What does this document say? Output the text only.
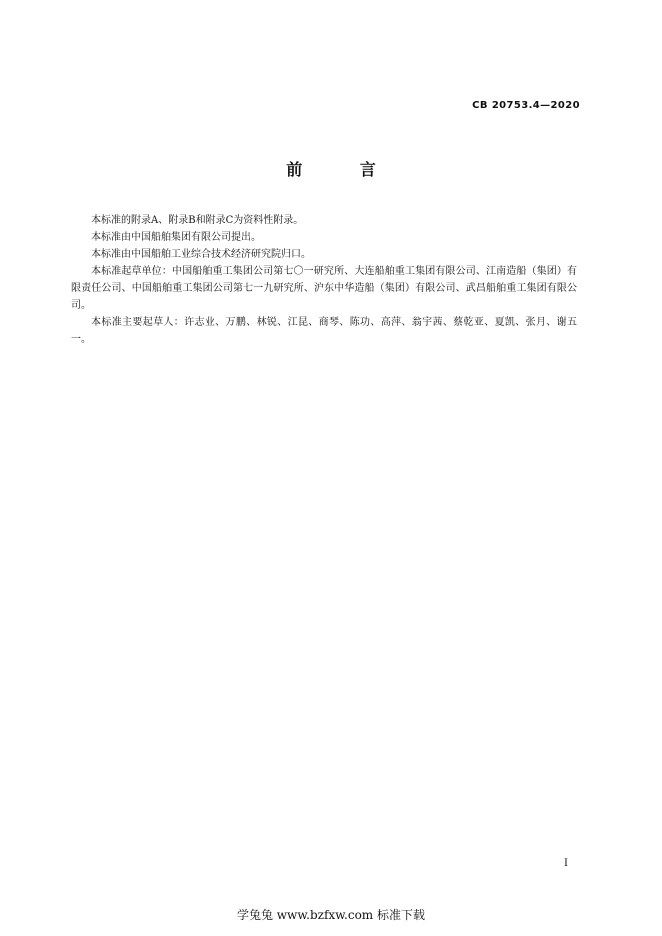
CB 20753.4—2020
前 言

本标准的附录A、附录B和附录C为资料性附录。

本标准由中国船舶集团有限公司提出。

本标准由中国船舶工业综合技术经济研究院归口。

本标准起草单位：中国船舶重工集团公司第七〇一研究所、大连船舶重工集团有限公司、江南造船（集团）有限责任公司、中国船舶重工集团公司第七一九研究所、沪东中华造船（集团）有限公司、武昌船舶重工集团有限公司。

本标准主要起草人：许志业、万鹏、林锐、江昆、商琴、陈功、高萍、翁宇茜、蔡乾亚、夏凯、张月、谢五一。

I
学兔兔 www.bzfxw.com 标准下载
